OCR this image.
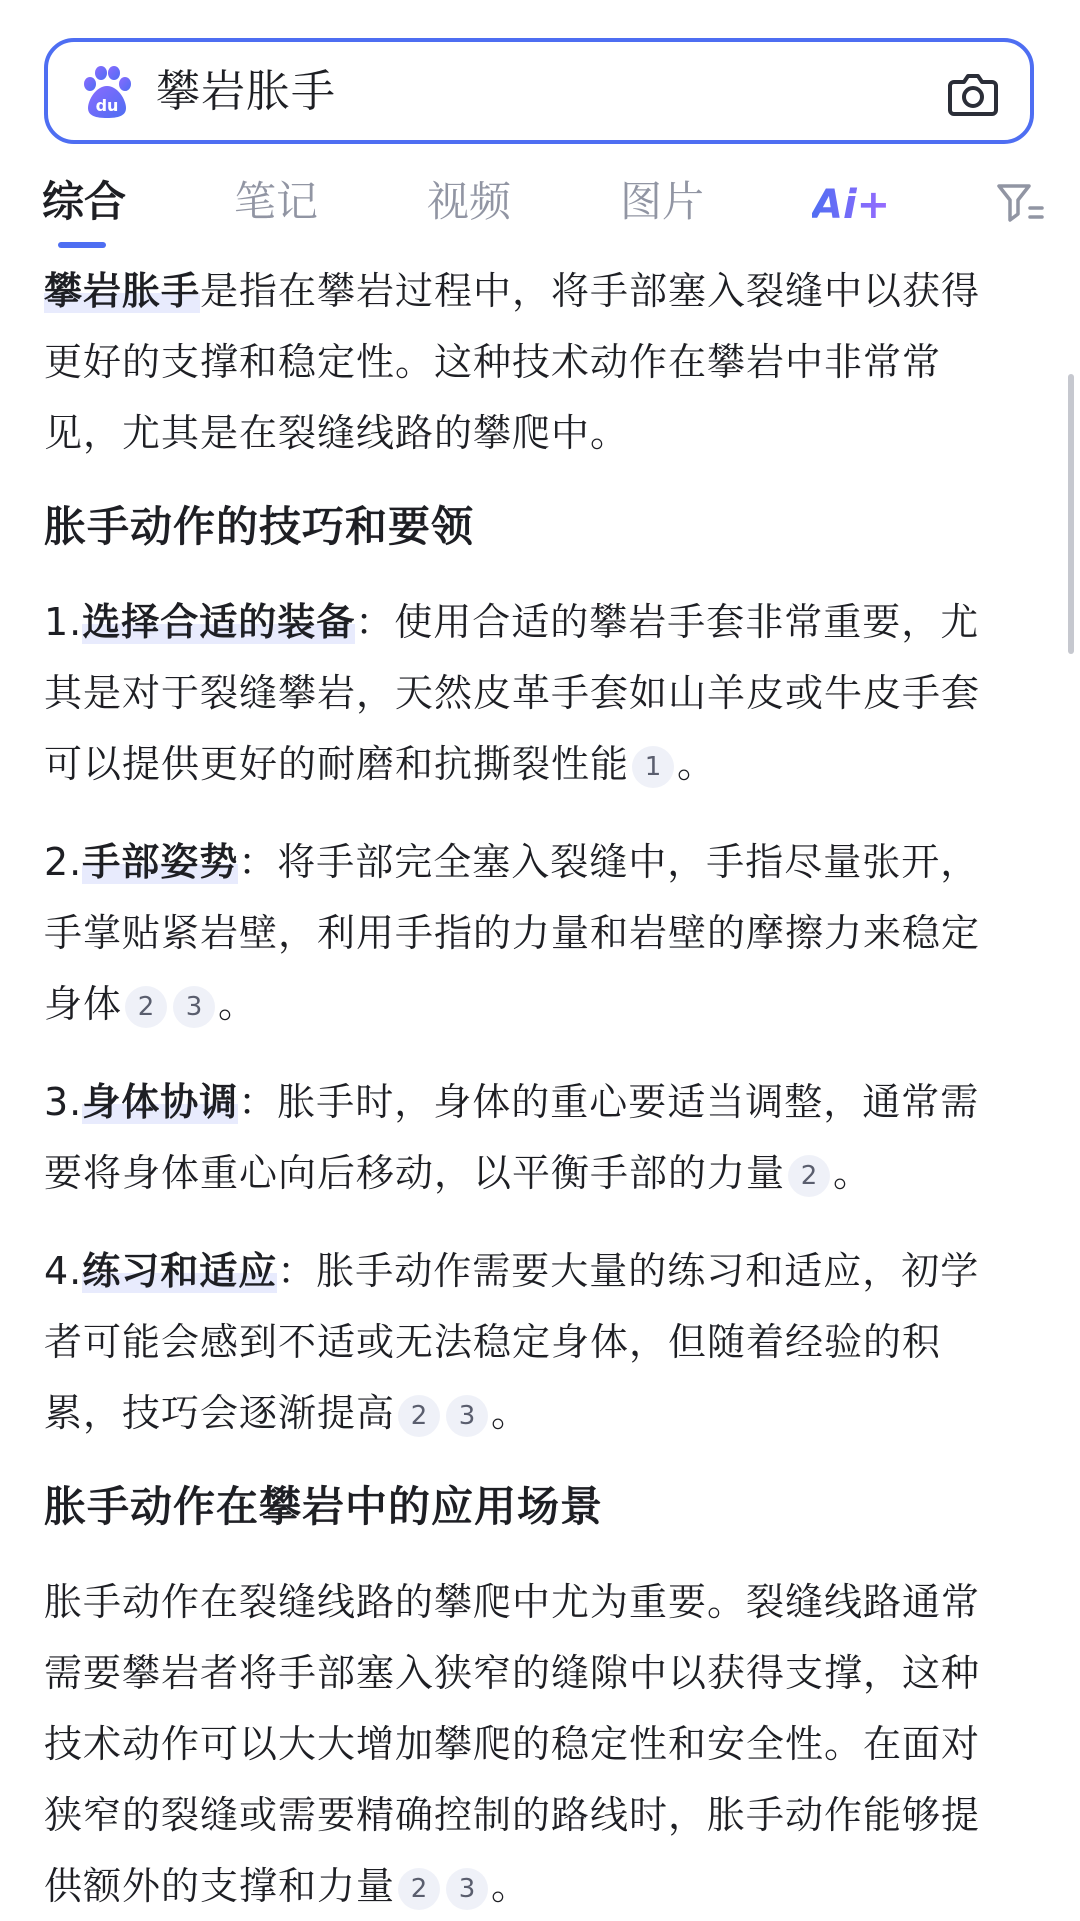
du 攀岩胀手
综合	笔记	视频	图片	Ai+

攀岩胀手是指在攀岩过程中，将手部塞入裂缝中以获得更好的支撑和稳定性。这种技术动作在攀岩中非常常见，尤其是在裂缝线路的攀爬中。

胀手动作的技巧和要领

1.选择合适的装备：使用合适的攀岩手套非常重要，尤其是对于裂缝攀岩，天然皮革手套如山羊皮或牛皮手套可以提供更好的耐磨和抗撕裂性能 1 。

2.手部姿势：将手部完全塞入裂缝中，手指尽量张开，手掌贴紧岩壁，利用手指的力量和岩壁的摩擦力来稳定身体 2 3 。

3.身体协调：胀手时，身体的重心要适当调整，通常需要将身体重心向后移动，以平衡手部的力量 2 。

4.练习和适应：胀手动作需要大量的练习和适应，初学者可能会感到不适或无法稳定身体，但随着经验的积累，技巧会逐渐提高 2 3 。

胀手动作在攀岩中的应用场景

胀手动作在裂缝线路的攀爬中尤为重要。裂缝线路通常需要攀岩者将手部塞入狭窄的缝隙中以获得支撑，这种技术动作可以大大增加攀爬的稳定性和安全性。在面对狭窄的裂缝或需要精确控制的路线时，胀手动作能够提供额外的支撑和力量 2 3 。
